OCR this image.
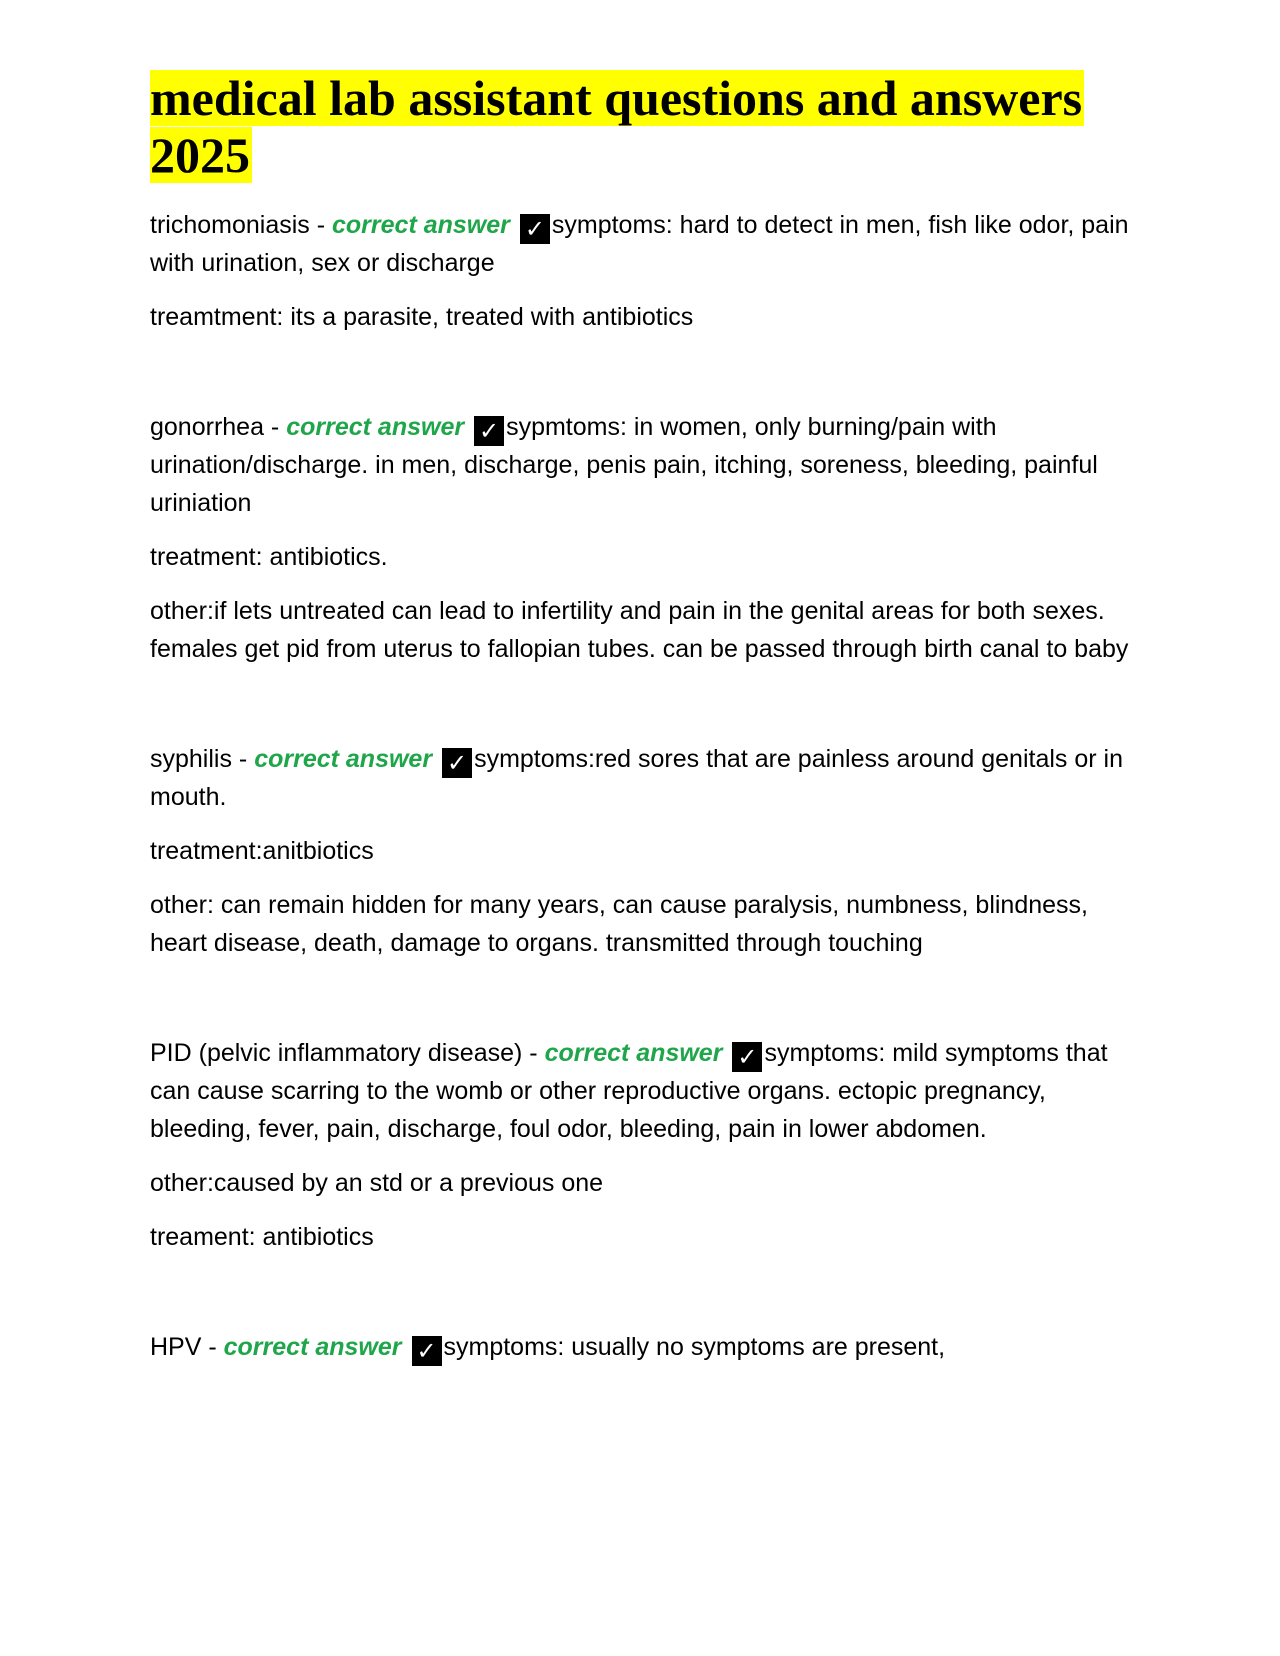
medical lab assistant questions and answers 2025

trichomoniasis - correct answer ✓ symptoms: hard to detect in men, fish like odor, pain with urination, sex or discharge

treamtment: its a parasite, treated with antibiotics

gonorrhea - correct answer ✓ sypmtoms: in women, only burning/pain with urination/discharge. in men, discharge, penis pain, itching, soreness, bleeding, painful uriniation

treatment: antibiotics.

other:if lets untreated can lead to infertility and pain in the genital areas for both sexes. females get pid from uterus to fallopian tubes. can be passed through birth canal to baby

syphilis - correct answer ✓ symptoms:red sores that are painless around genitals or in mouth.

treatment:anitbiotics

other: can remain hidden for many years, can cause paralysis, numbness, blindness, heart disease, death, damage to organs. transmitted through touching

PID (pelvic inflammatory disease) - correct answer ✓ symptoms: mild symptoms that can cause scarring to the womb or other reproductive organs. ectopic pregnancy, bleeding, fever, pain, discharge, foul odor, bleeding, pain in lower abdomen.

other:caused by an std or a previous one

treament: antibiotics

HPV - correct answer ✓ symptoms: usually no symptoms are present,
